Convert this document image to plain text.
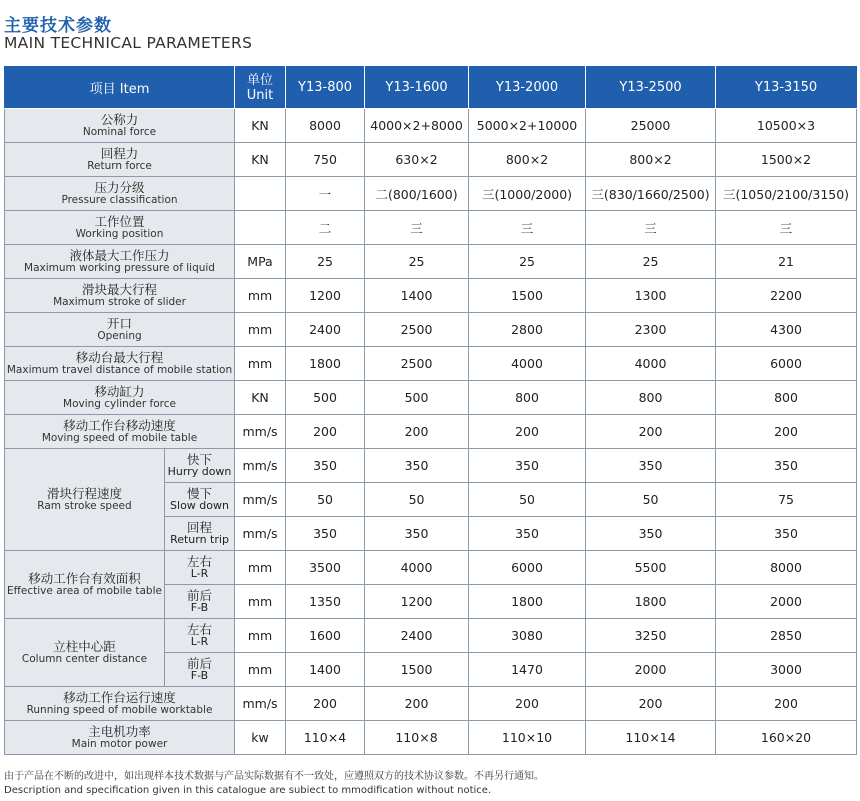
主要技术参数
MAIN TECHNICAL PARAMETERS
项目 Item		单位
Unit	Y13-800	Y13-1600	Y13-2000	Y13-2500	Y13-3150

公称力
Nominal force		KN	8000	4000×2+8000	5000×2+10000	25000	10500×3

回程力
Return force		KN	750	630×2	800×2	800×2	1500×2

压力分级
Pressure classification			一	二(800/1600)	三(1000/2000)	三(830/1660/2500)	三(1050/2100/3150)

工作位置
Working position			二	三	三	三	三

液体最大工作压力
Maximum working pressure of liquid		MPa	25	25	25	25	21

滑块最大行程
Maximum stroke of slider		mm	1200	1400	1500	1300	2200

开口
Opening		mm	2400	2500	2800	2300	4300

移动台最大行程
Maximum travel distance of mobile station		mm	1800	2500	4000	4000	6000

移动缸力
Moving cylinder force		KN	500	500	800	800	800

移动工作台移动速度
Moving speed of mobile table		mm/s	200	200	200	200	200

滑块行程速度
Ram stroke speed	快下
Hurry down	mm/s	350	350	350	350	350

	慢下
Slow down	mm/s	50	50	50	50	75

	回程
Return trip	mm/s	350	350	350	350	350

移动工作台有效面积
Effective area of mobile table	左右
L-R	mm	3500	4000	6000	5500	8000

	前后
F-B	mm	1350	1200	1800	1800	2000

立柱中心距
Column center distance	左右
L-R	mm	1600	2400	3080	3250	2850

	前后
F-B	mm	1400	1500	1470	2000	3000

移动工作台运行速度
Running speed of mobile worktable		mm/s	200	200	200	200	200

主电机功率
Main motor power		kw	110×4	110×8	110×10	110×14	160×20
由于产品在不断的改进中，如出现样本技术数据与产品实际数据有不一致处，应遵照双方的技术协议参数。不再另行通知。
Description and specification given in this catalogue are subiect to mmodification without notice.
